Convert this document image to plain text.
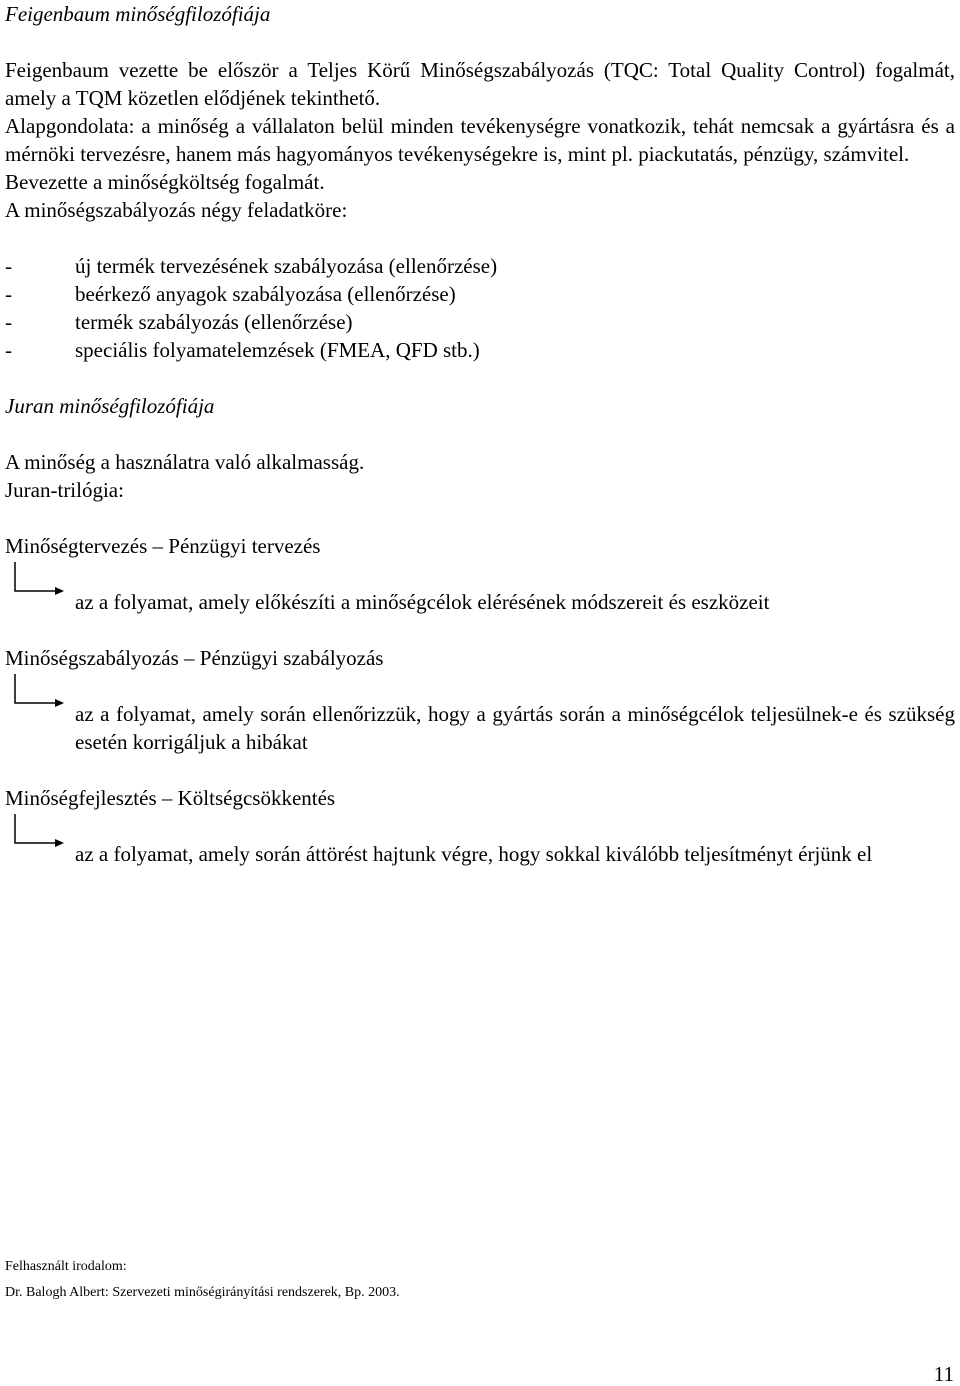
Feigenbaum minőségfilozófiája

Feigenbaum vezette be először a Teljes Körű Minőségszabályozás (TQC: Total Quality Control) fogalmát, amely a TQM közetlen elődjének tekinthető.

Alapgondolata: a minőség a vállalaton belül minden tevékenységre vonatkozik, tehát nemcsak a gyártásra és a mérnöki tervezésre, hanem más hagyományos tevékenységekre is, mint pl. piackutatás, pénzügy, számvitel.

Bevezette a minőségköltség fogalmát.

A minőségszabályozás négy feladatköre:

-	új termék tervezésének szabályozása (ellenőrzése)
-	beérkező anyagok szabályozása (ellenőrzése)
-	termék szabályozás (ellenőrzése)
-	speciális folyamatelemzések (FMEA, QFD stb.)
Juran minőségfilozófiája
A minőség a használatra való alkalmasság.
Juran-trilógia:
Minőségtervezés – Pénzügyi tervezés

az a folyamat, amely előkészíti a minőségcélok elérésének módszereit és eszközeit

Minőségszabályozás – Pénzügyi szabályozás

az a folyamat, amely során ellenőrizzük, hogy a gyártás során a minőségcélok teljesülnek-e és szükség esetén korrigáljuk a hibákat

Minőségfejlesztés – Költségcsökkentés

az a folyamat, amely során áttörést hajtunk végre, hogy sokkal kiválóbb teljesítményt érjünk el

Felhasznált irodalom:

Dr. Balogh Albert: Szervezeti minőségirányítási rendszerek, Bp. 2003.

11
